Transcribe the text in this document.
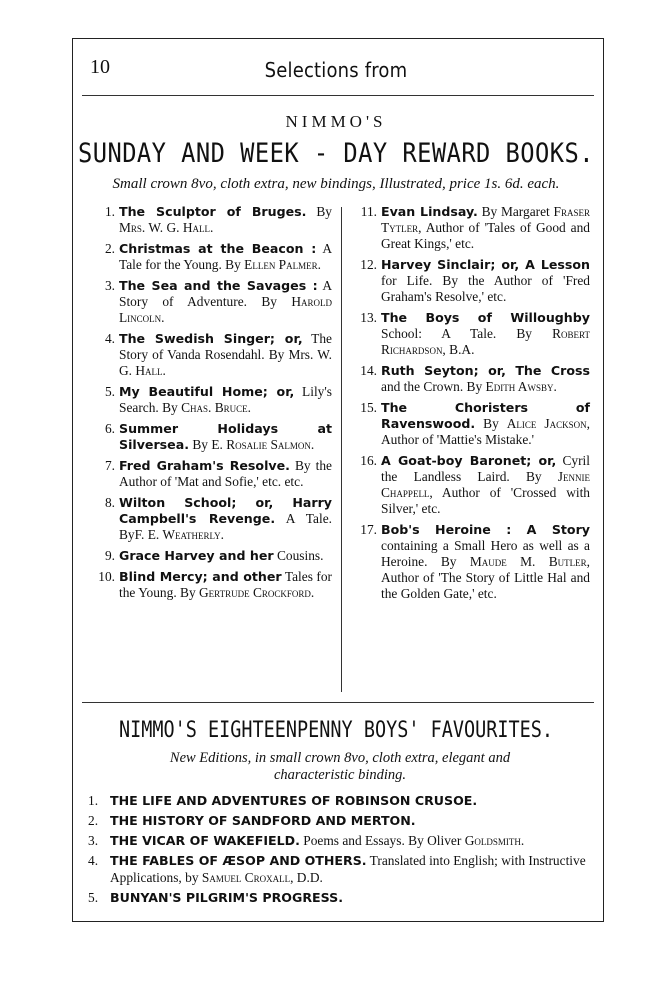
10	Selections from
NIMMO'S
SUNDAY AND WEEK - DAY REWARD BOOKS.
Small crown 8vo, cloth extra, new bindings, Illustrated, price 1s. 6d. each.
1. The Sculptor of Bruges. By Mrs. W. G. Hall.
2. Christmas at the Beacon : A Tale for the Young. By Ellen Palmer.
3. The Sea and the Savages : A Story of Adventure. By Harold Lincoln.
4. The Swedish Singer; or, The Story of Vanda Rosendahl. By Mrs. W. G. Hall.
5. My Beautiful Home; or, Lily's Search. By Chas. Bruce.
6. Summer Holidays at Silversea. By E. Rosalie Salmon.
7. Fred Graham's Resolve. By the Author of 'Mat and Sofie,' etc. etc.
8. Wilton School; or, Harry Campbell's Revenge. A Tale. ByF. E. Weatherly.
9. Grace Harvey and her Cousins.
10. Blind Mercy; and other Tales for the Young. By Gertrude Crockford.
11. Evan Lindsay. By Margaret Fraser Tytler, Author of 'Tales of Good and Great Kings,' etc.
12. Harvey Sinclair; or, A Lesson for Life. By the Author of 'Fred Graham's Resolve,' etc.
13. The Boys of Willoughby School: A Tale. By Robert Richardson, B.A.
14. Ruth Seyton; or, The Cross and the Crown. By Edith Awsby.
15. The Choristers of Ravenswood. By Alice Jackson, Author of 'Mattie's Mistake.'
16. A Goat-boy Baronet; or, Cyril the Landless Laird. By Jennie Chappell, Author of 'Crossed with Silver,' etc.
17. Bob's Heroine : A Story containing a Small Hero as well as a Heroine. By Maude M. Butler, Author of 'The Story of Little Hal and the Golden Gate,' etc.
NIMMO'S EIGHTEENPENNY BOYS' FAVOURITES.
New Editions, in small crown 8vo, cloth extra, elegant and characteristic binding.
1. THE LIFE AND ADVENTURES OF ROBINSON CRUSOE.
2. THE HISTORY OF SANDFORD AND MERTON.
3. THE VICAR OF WAKEFIELD. Poems and Essays. By Oliver Goldsmith.
4. THE FABLES OF ÆSOP AND OTHERS. Translated into English; with Instructive Applications, by Samuel Croxall, D.D.
5. BUNYAN'S PILGRIM'S PROGRESS.
